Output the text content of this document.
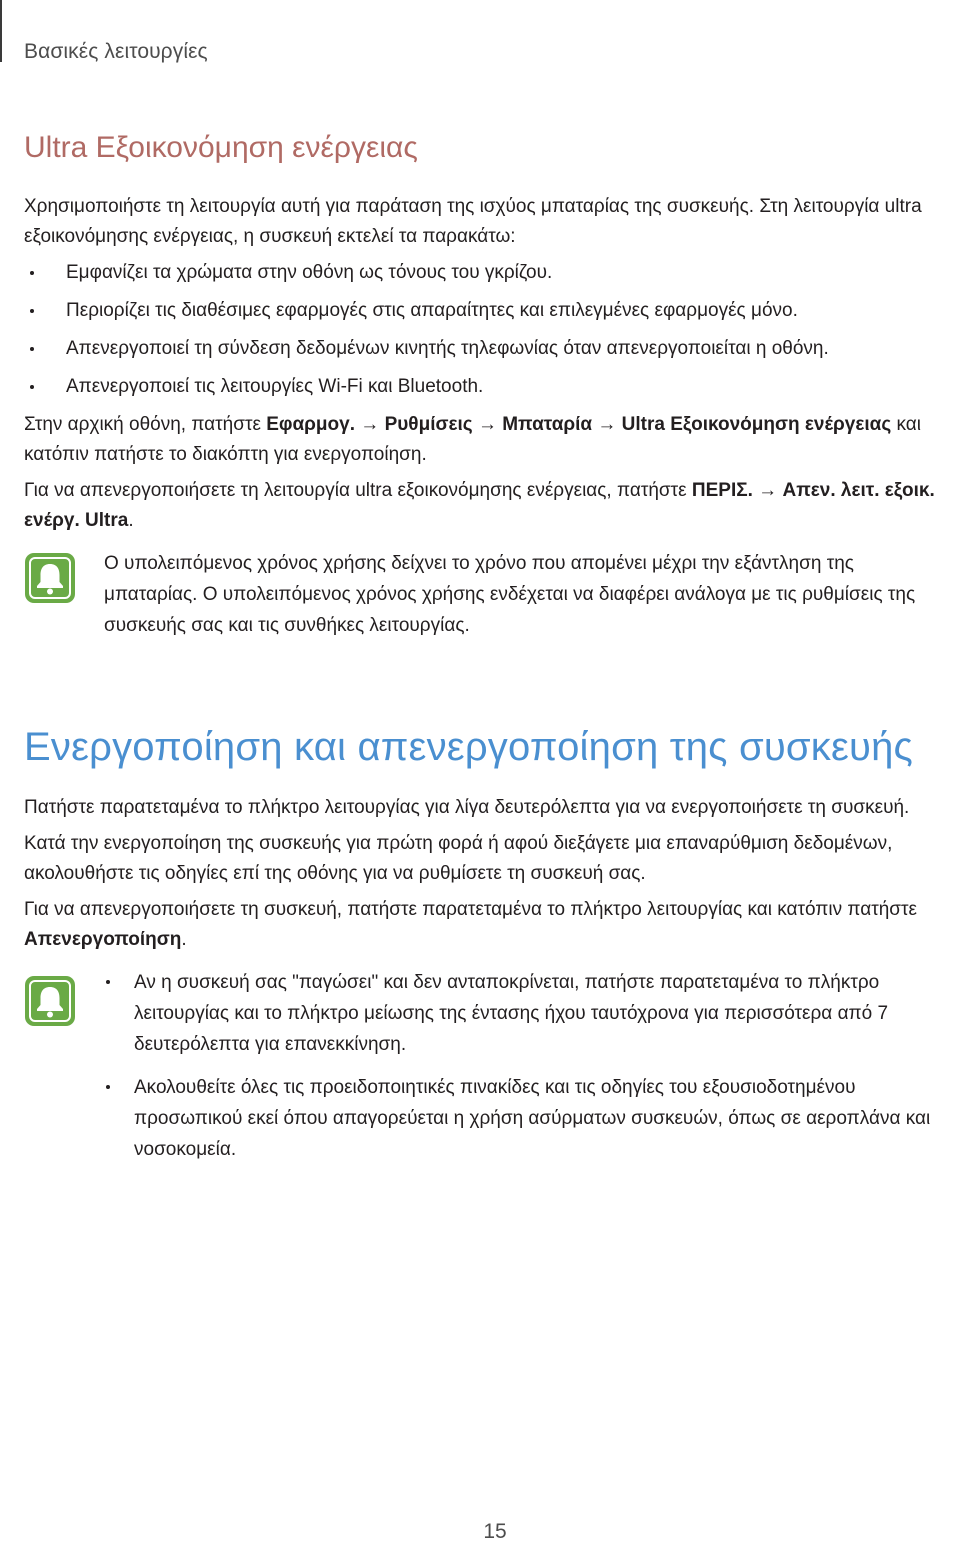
Βασικές λειτουργίες
Ultra Εξοικονόμηση ενέργειας

Χρησιμοποιήστε τη λειτουργία αυτή για παράταση της ισχύος μπαταρίας της συσκευής. Στη λειτουργία ultra εξοικονόμησης ενέργειας, η συσκευή εκτελεί τα παρακάτω:

Εμφανίζει τα χρώματα στην οθόνη ως τόνους του γκρίζου.
Περιορίζει τις διαθέσιμες εφαρμογές στις απαραίτητες και επιλεγμένες εφαρμογές μόνο.
Απενεργοποιεί τη σύνδεση δεδομένων κινητής τηλεφωνίας όταν απενεργοποιείται η οθόνη.
Απενεργοποιεί τις λειτουργίες Wi-Fi και Bluetooth.

Στην αρχική οθόνη, πατήστε Εφαρμογ. → Ρυθμίσεις → Μπαταρία → Ultra Εξοικονόμηση ενέργειας και κατόπιν πατήστε το διακόπτη για ενεργοποίηση.

Για να απενεργοποιήσετε τη λειτουργία ultra εξοικονόμησης ενέργειας, πατήστε ΠΕΡΙΣ. → Απεν. λειτ. εξοικ. ενέργ. Ultra.

Ο υπολειπόμενος χρόνος χρήσης δείχνει το χρόνο που απομένει μέχρι την εξάντληση της μπαταρίας. Ο υπολειπόμενος χρόνος χρήσης ενδέχεται να διαφέρει ανάλογα με τις ρυθμίσεις της συσκευής σας και τις συνθήκες λειτουργίας.
Ενεργοποίηση και απενεργοποίηση της συσκευής

Πατήστε παρατεταμένα το πλήκτρο λειτουργίας για λίγα δευτερόλεπτα για να ενεργοποιήσετε τη συσκευή.

Κατά την ενεργοποίηση της συσκευής για πρώτη φορά ή αφού διεξάγετε μια επαναρύθμιση δεδομένων, ακολουθήστε τις οδηγίες επί της οθόνης για να ρυθμίσετε τη συσκευή σας.

Για να απενεργοποιήσετε τη συσκευή, πατήστε παρατεταμένα το πλήκτρο λειτουργίας και κατόπιν πατήστε Απενεργοποίηση.

Αν η συσκευή σας "παγώσει" και δεν ανταποκρίνεται, πατήστε παρατεταμένα το πλήκτρο λειτουργίας και το πλήκτρο μείωσης της έντασης ήχου ταυτόχρονα για περισσότερα από 7 δευτερόλεπτα για επανεκκίνηση.
Ακολουθείτε όλες τις προειδοποιητικές πινακίδες και τις οδηγίες του εξουσιοδοτημένου προσωπικού εκεί όπου απαγορεύεται η χρήση ασύρματων συσκευών, όπως σε αεροπλάνα και νοσοκομεία.
15
